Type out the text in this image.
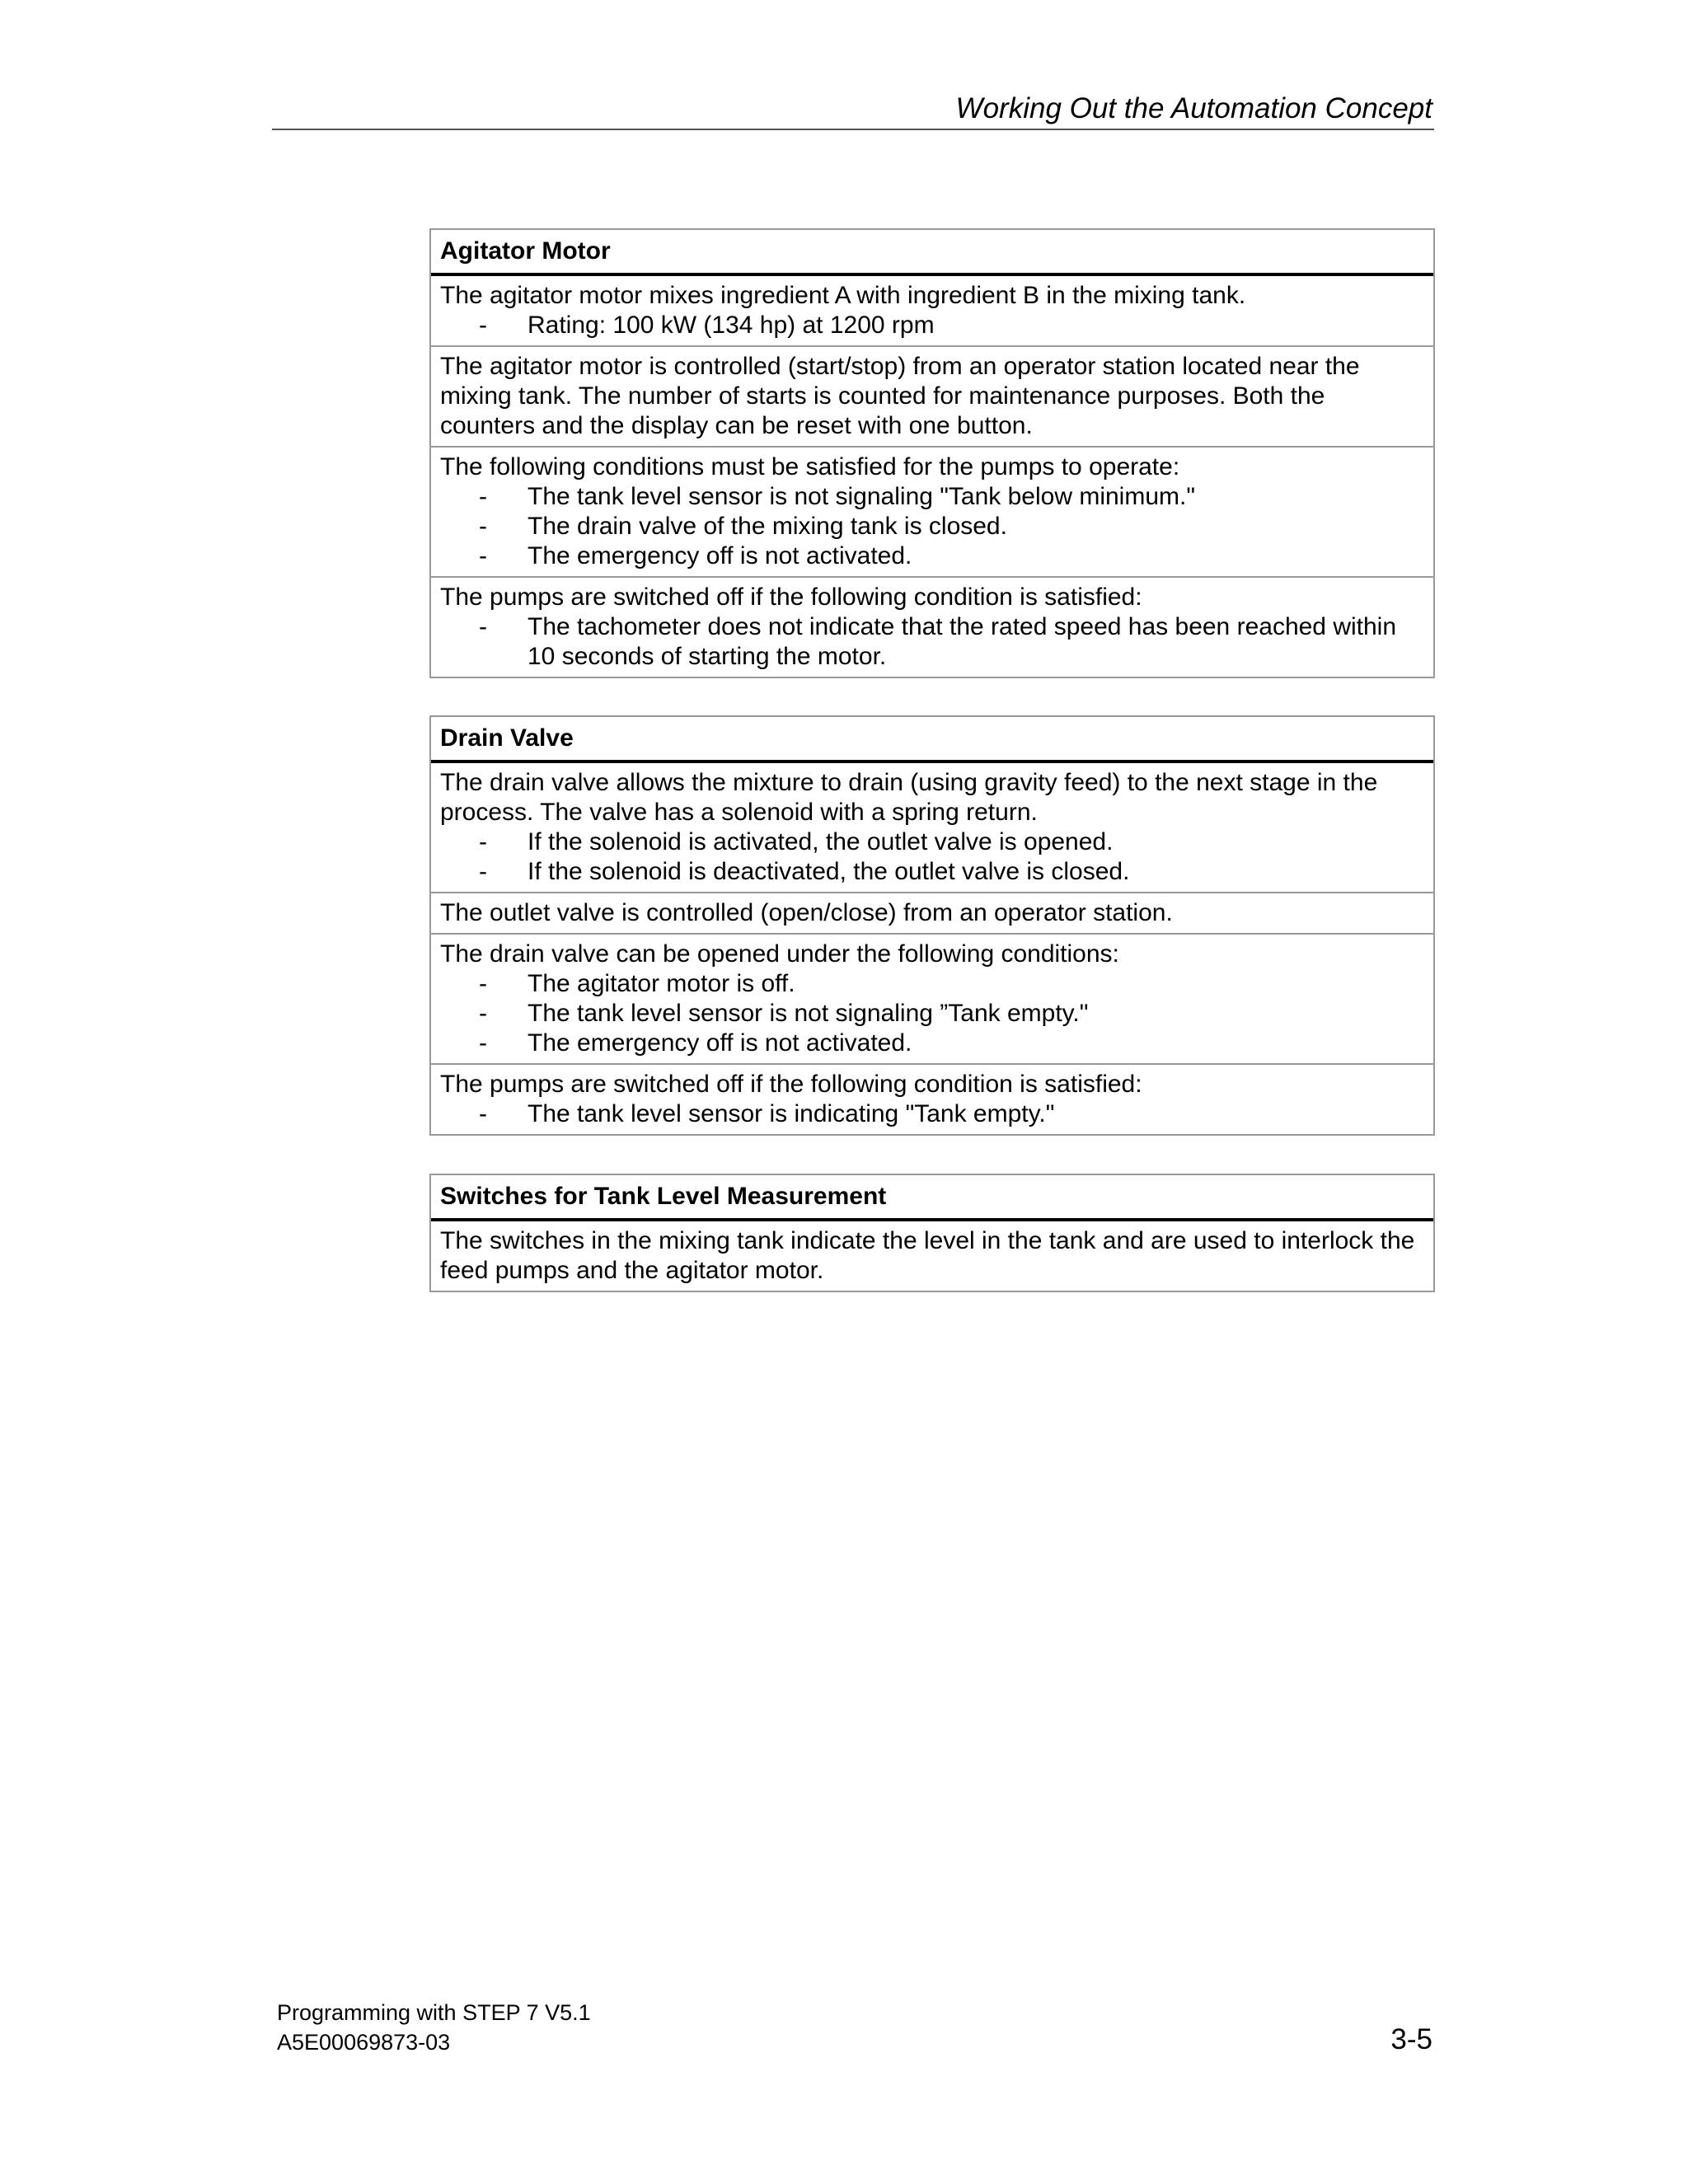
Working Out the Automation Concept
Agitator Motor
The agitator motor mixes ingredient A with ingredient B in the mixing tank.
-	Rating: 100 kW (134 hp) at 1200 rpm
The agitator motor is controlled (start/stop) from an operator station located near the mixing tank. The number of starts is counted for maintenance purposes. Both the counters and the display can be reset with one button.
The following conditions must be satisfied for the pumps to operate:
-	The tank level sensor is not signaling "Tank below minimum."
-	The drain valve of the mixing tank is closed.
-	The emergency off is not activated.
The pumps are switched off if the following condition is satisfied:
-	The tachometer does not indicate that the rated speed has been reached within 10 seconds of starting the motor.
Drain Valve
The drain valve allows the mixture to drain (using gravity feed) to the next stage in the process. The valve has a solenoid with a spring return.
-	If the solenoid is activated, the outlet valve is opened.
-	If the solenoid is deactivated, the outlet valve is closed.
The outlet valve is controlled (open/close) from an operator station.
The drain valve can be opened under the following conditions:
-	The agitator motor is off.
-	The tank level sensor is not signaling ”Tank empty."
-	The emergency off is not activated.
The pumps are switched off if the following condition is satisfied:
-	The tank level sensor is indicating "Tank empty."
Switches for Tank Level Measurement
The switches in the mixing tank indicate the level in the tank and are used to interlock the feed pumps and the agitator motor.
Programming with STEP 7 V5.1
A5E00069873-03	3-5
